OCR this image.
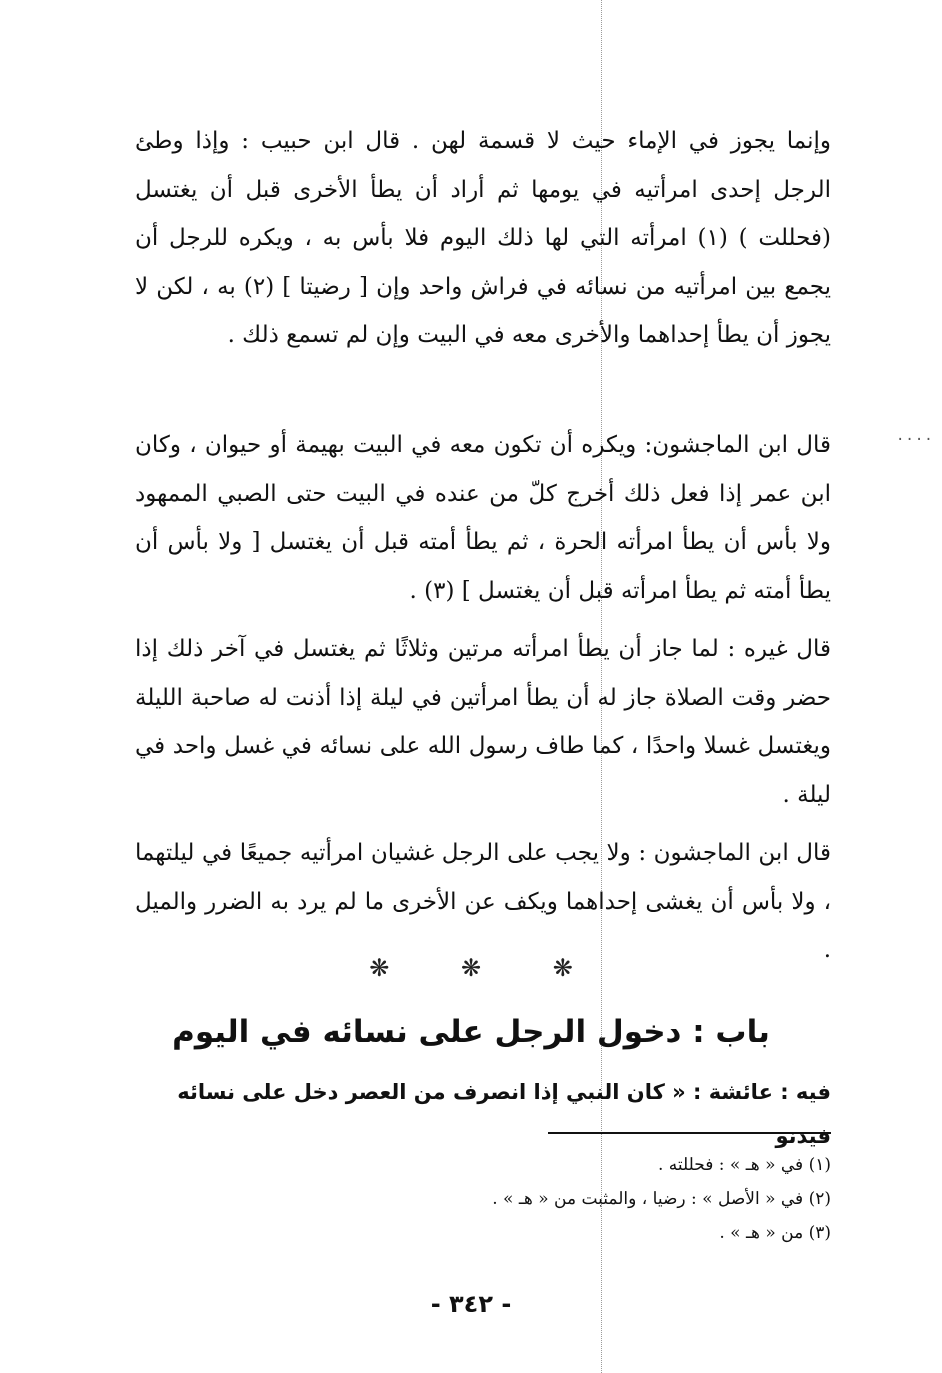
....

وإنما يجوز في الإماء حيث لا قسمة لهن . قال ابن حبيب : وإذا وطئ الرجل إحدى امرأتيه في يومها ثم أراد أن يطأ الأخرى قبل أن يغتسل (فحللت ) (١) امرأته التي لها ذلك اليوم فلا بأس به ، ويكره للرجل أن يجمع بين امرأتيه من نسائه في فراش واحد وإن [ رضيتا ] (٢) به ، لكن لا يجوز أن يطأ إحداهما والأخرى معه في البيت وإن لم تسمع ذلك .

قال ابن الماجشون: ويكره أن تكون معه في البيت بهيمة أو حيوان ، وكان ابن عمر إذا فعل ذلك أخرج كلّ من عنده في البيت حتى الصبي الممهود ولا بأس أن يطأ امرأته الحرة ، ثم يطأ أمته قبل أن يغتسل [ ولا بأس أن يطأ أمته ثم يطأ امرأته قبل أن يغتسل ] (٣) .

قال غيره : لما جاز أن يطأ امرأته مرتين وثلاثًا ثم يغتسل في آخر ذلك إذا حضر وقت الصلاة جاز له أن يطأ امرأتين في ليلة إذا أذنت له صاحبة الليلة ويغتسل غسلا واحدًا ، كما طاف رسول الله على نسائه في غسل واحد في ليلة .

قال ابن الماجشون : ولا يجب على الرجل غشيان امرأتيه جميعًا في ليلتهما ، ولا بأس أن يغشى إحداهما ويكف عن الأخرى ما لم يرد به الضرر والميل .

❋	❋	❋
باب : دخول الرجل على نسائه في اليوم
فيه : عائشة : « كان النبي إذا انصرف من العصر دخل على نسائه فيدنو
(١) في « هـ » : فحللته .
(٢) في « الأصل » : رضيا ، والمثبت من « هـ » .
(٣) من « هـ » .
- ٣٤٢ -
